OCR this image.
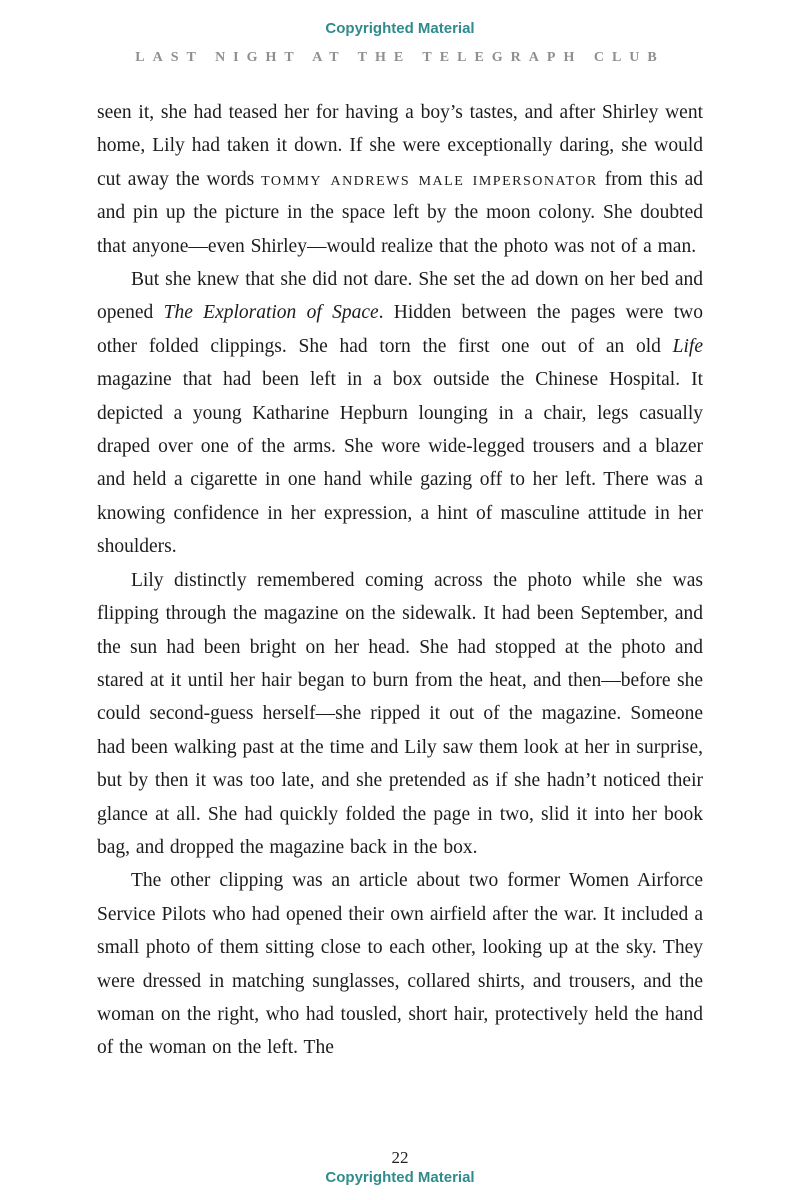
Copyrighted Material
LAST NIGHT AT THE TELEGRAPH CLUB

seen it, she had teased her for having a boy’s tastes, and after Shirley went home, Lily had taken it down. If she were exceptionally daring, she would cut away the words tommy andrews male impersonator from this ad and pin up the picture in the space left by the moon colony. She doubted that anyone—even Shirley—would realize that the photo was not of a man.

But she knew that she did not dare. She set the ad down on her bed and opened The Exploration of Space. Hidden between the pages were two other folded clippings. She had torn the first one out of an old Life magazine that had been left in a box outside the Chinese Hospital. It depicted a young Katharine Hepburn lounging in a chair, legs casually draped over one of the arms. She wore wide-legged trousers and a blazer and held a cigarette in one hand while gazing off to her left. There was a knowing confidence in her expression, a hint of masculine attitude in her shoulders.

Lily distinctly remembered coming across the photo while she was flipping through the magazine on the sidewalk. It had been September, and the sun had been bright on her head. She had stopped at the photo and stared at it until her hair began to burn from the heat, and then—before she could second-guess herself—she ripped it out of the magazine. Someone had been walking past at the time and Lily saw them look at her in surprise, but by then it was too late, and she pretended as if she hadn’t noticed their glance at all. She had quickly folded the page in two, slid it into her book bag, and dropped the magazine back in the box.

The other clipping was an article about two former Women Airforce Service Pilots who had opened their own airfield after the war. It included a small photo of them sitting close to each other, looking up at the sky. They were dressed in matching sunglasses, collared shirts, and trousers, and the woman on the right, who had tousled, short hair, protectively held the hand of the woman on the left. The

22
Copyrighted Material
